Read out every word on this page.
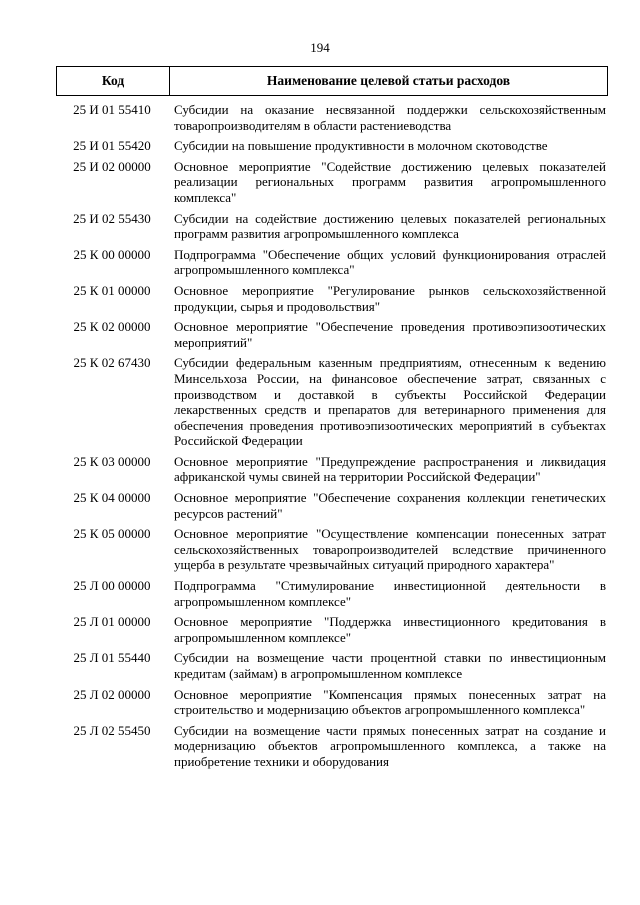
194
Код	Наименование целевой статьи расходов
25 И 01 55410	Субсидии на оказание несвязанной поддержки сельскохозяйственным товаропроизводителям в области растениеводства
25 И 01 55420	Субсидии на повышение продуктивности в молочном скотоводстве
25 И 02 00000	Основное мероприятие "Содействие достижению целевых показателей реализации региональных программ развития агропромышленного комплекса"
25 И 02 55430	Субсидии на содействие достижению целевых показателей региональных программ развития агропромышленного комплекса
25 К 00 00000	Подпрограмма "Обеспечение общих условий функционирования отраслей агропромышленного комплекса"
25 К 01 00000	Основное мероприятие "Регулирование рынков сельскохозяйственной продукции, сырья и продовольствия"
25 К 02 00000	Основное мероприятие "Обеспечение проведения противоэпизоотических мероприятий"
25 К 02 67430	Субсидии федеральным казенным предприятиям, отнесенным к ведению Минсельхоза России, на финансовое обеспечение затрат, связанных с производством и доставкой в субъекты Российской Федерации лекарственных средств и препаратов для ветеринарного применения для обеспечения проведения противоэпизоотических мероприятий в субъектах Российской Федерации
25 К 03 00000	Основное мероприятие "Предупреждение распространения и ликвидация африканской чумы свиней на территории Российской Федерации"
25 К 04 00000	Основное мероприятие "Обеспечение сохранения коллекции генетических ресурсов растений"
25 К 05 00000	Основное мероприятие "Осуществление компенсации понесенных затрат сельскохозяйственных товаропроизводителей вследствие причиненного ущерба в результате чрезвычайных ситуаций природного характера"
25 Л 00 00000	Подпрограмма "Стимулирование инвестиционной деятельности в агропромышленном комплексе"
25 Л 01 00000	Основное мероприятие "Поддержка инвестиционного кредитования в агропромышленном комплексе"
25 Л 01 55440	Субсидии на возмещение части процентной ставки по инвестиционным кредитам (займам) в агропромышленном комплексе
25 Л 02 00000	Основное мероприятие "Компенсация прямых понесенных затрат на строительство и модернизацию объектов агропромышленного комплекса"
25 Л 02 55450	Субсидии на возмещение части прямых понесенных затрат на создание и модернизацию объектов агропромышленного комплекса, а также на приобретение техники и оборудования
